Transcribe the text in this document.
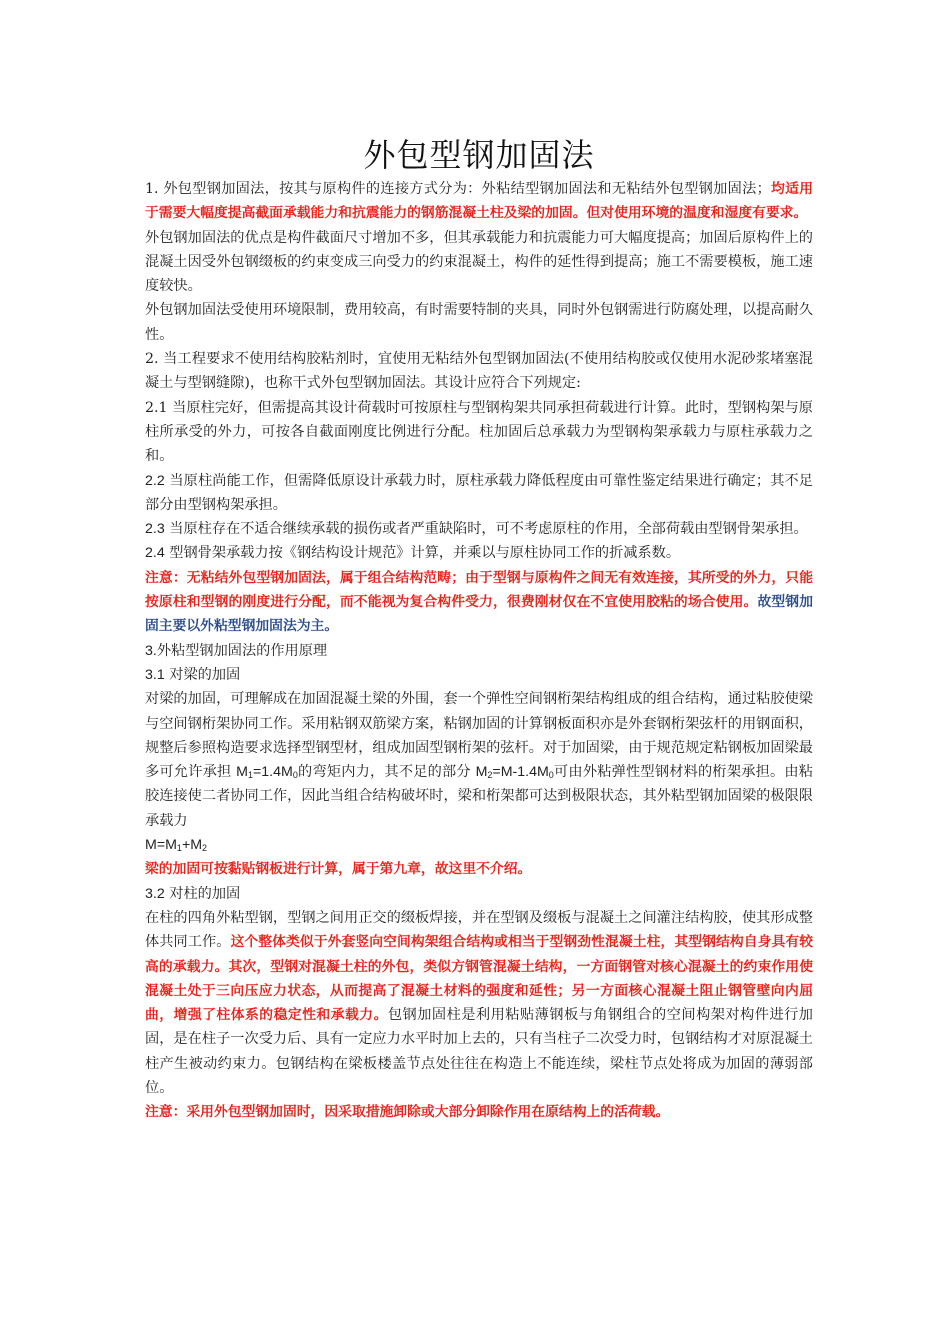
外包型钢加固法

1. 外包型钢加固法，按其与原构件的连接方式分为：外粘结型钢加固法和无粘结外包型钢加固法；均适用于需要大幅度提高截面承载能力和抗震能力的钢筋混凝土柱及梁的加固。但对使用环境的温度和湿度有要求。

外包钢加固法的优点是构件截面尺寸增加不多，但其承载能力和抗震能力可大幅度提高；加固后原构件上的混凝土因受外包钢缀板的约束变成三向受力的约束混凝土，构件的延性得到提高；施工不需要模板，施工速度较快。

外包钢加固法受使用环境限制，费用较高，有时需要特制的夹具，同时外包钢需进行防腐处理，以提高耐久性。

2. 当工程要求不使用结构胶粘剂时，宜使用无粘结外包型钢加固法(不使用结构胶或仅使用水泥砂浆堵塞混凝土与型钢缝隙)，也称干式外包型钢加固法。其设计应符合下列规定:

2.1 当原柱完好，但需提高其设计荷载时可按原柱与型钢构架共同承担荷载进行计算。此时，型钢构架与原柱所承受的外力，可按各自截面刚度比例进行分配。柱加固后总承载力为型钢构架承载力与原柱承载力之和。

2.2 当原柱尚能工作，但需降低原设计承载力时，原柱承载力降低程度由可靠性鉴定结果进行确定；其不足部分由型钢构架承担。

2.3 当原柱存在不适合继续承载的损伤或者严重缺陷时，可不考虑原柱的作用，全部荷载由型钢骨架承担。

2.4 型钢骨架承载力按《钢结构设计规范》计算，并乘以与原柱协同工作的折减系数。

注意：无粘结外包型钢加固法，属于组合结构范畴；由于型钢与原构件之间无有效连接，其所受的外力，只能按原柱和型钢的刚度进行分配，而不能视为复合构件受力，很费刚材仅在不宜使用胶粘的场合使用。故型钢加固主要以外粘型钢加固法为主。

3.外粘型钢加固法的作用原理

3.1 对梁的加固

对梁的加固，可理解成在加固混凝土梁的外围，套一个弹性空间钢桁架结构组成的组合结构，通过粘胶使梁与空间钢桁架协同工作。采用粘钢双筋梁方案，粘钢加固的计算钢板面积亦是外套钢桁架弦杆的用钢面积，规整后参照构造要求选择型钢型材，组成加固型钢桁架的弦杆。对于加固梁，由于规范规定粘钢板加固梁最多可允许承担 $M_1=1.4M_0$的弯矩内力，其不足的部分 $M_2=M-1.4M_0$可由外粘弹性型钢材料的桁架承担。由粘胶连接使二者协同工作，因此当组合结构破坏时，梁和桁架都可达到极限状态，其外粘型钢加固梁的极限限承载力
$M=M_1+M_2$

梁的加固可按黏贴钢板进行计算，属于第九章，故这里不介绍。

3.2 对柱的加固

在柱的四角外粘型钢，型钢之间用正交的缀板焊接，并在型钢及缀板与混凝土之间灌注结构胶，使其形成整体共同工作。这个整体类似于外套竖向空间构架组合结构或相当于型钢劲性混凝土柱，其型钢结构自身具有较高的承载力。其次，型钢对混凝土柱的外包，类似方钢管混凝土结构，一方面钢管对核心混凝土的约束作用使混凝土处于三向压应力状态，从而提高了混凝土材料的强度和延性；另一方面核心混凝土阻止钢管壁向内屈曲，增强了柱体系的稳定性和承载力。包钢加固柱是利用粘贴薄钢板与角钢组合的空间构架对构件进行加固，是在柱子一次受力后、具有一定应力水平时加上去的，只有当柱子二次受力时，包钢结构才对原混凝土柱产生被动约束力。包钢结构在梁板楼盖节点处往往在构造上不能连续，梁柱节点处将成为加固的薄弱部位。

注意：采用外包型钢加固时，因采取措施卸除或大部分卸除作用在原结构上的活荷载。
